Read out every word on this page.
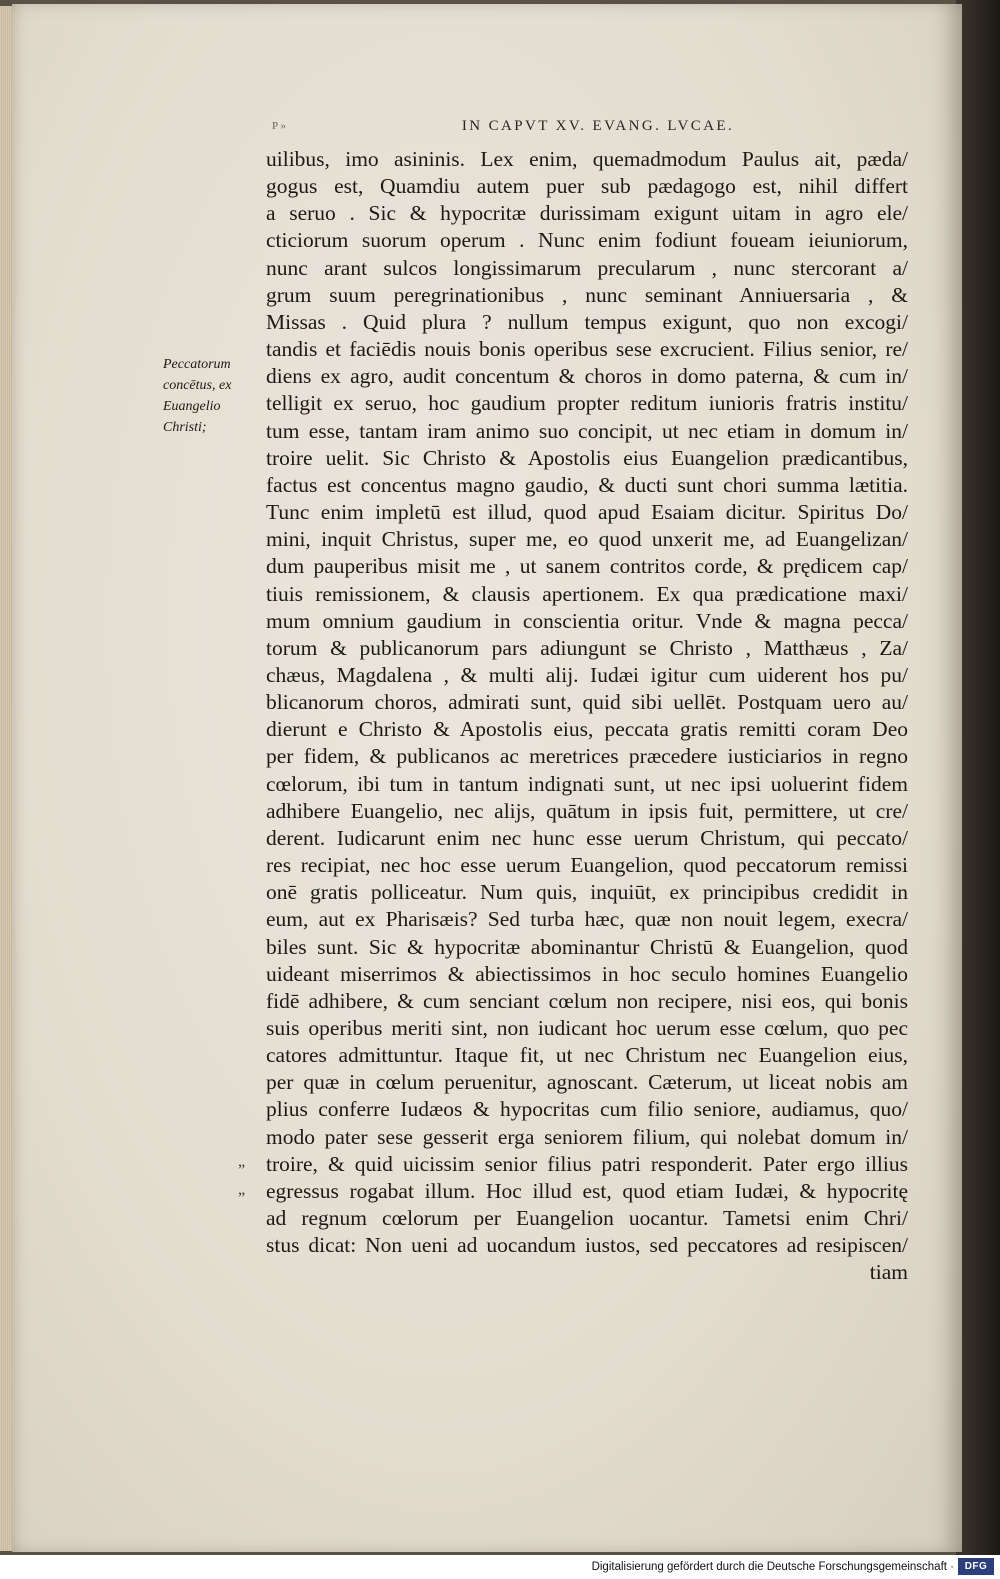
P »	IN CAPVT XV. EVANG. LVCAE.
Peccatorum
concētus, ex
Euangelio
Christi;
„
„
uilibus, imo asininis. Lex enim, quemadmodum Paulus ait, pæda/
gogus est, Quamdiu autem puer sub pædagogo est, nihil differt
a seruo . Sic & hypocritæ durissimam exigunt uitam in agro ele/
cticiorum suorum operum . Nunc enim fodiunt foueam ieiuniorum,
nunc arant sulcos longissimarum precularum , nunc stercorant a/
grum suum peregrinationibus , nunc seminant Anniuersaria , &
Missas . Quid plura ? nullum tempus exigunt, quo non excogi/
tandis et faciēdis nouis bonis operibus sese excrucient. Filius senior, re/
diens ex agro, audit concentum & choros in domo paterna, & cum in/
telligit ex seruo, hoc gaudium propter reditum iunioris fratris institu/
tum esse, tantam iram animo suo concipit, ut nec etiam in domum in/
troire uelit. Sic Christo & Apostolis eius Euangelion prædicantibus,
factus est concentus magno gaudio, & ducti sunt chori summa lætitia.
Tunc enim impletū est illud, quod apud Esaiam dicitur. Spiritus Do/
mini, inquit Christus, super me, eo quod unxerit me, ad Euangelizan/
dum pauperibus misit me , ut sanem contritos corde, & prędicem cap/
tiuis remissionem, & clausis apertionem. Ex qua prædicatione maxi/
mum omnium gaudium in conscientia oritur. Vnde & magna pecca/
torum & publicanorum pars adiungunt se Christo , Matthæus , Za/
chæus, Magdalena , & multi alij. Iudæi igitur cum uiderent hos pu/
blicanorum choros, admirati sunt, quid sibi uellēt. Postquam uero au/
dierunt e Christo & Apostolis eius, peccata gratis remitti coram Deo
per fidem, & publicanos ac meretrices præcedere iusticiarios in regno
cœlorum, ibi tum in tantum indignati sunt, ut nec ipsi uoluerint fidem
adhibere Euangelio, nec alijs, quātum in ipsis fuit, permittere, ut cre/
derent. Iudicarunt enim nec hunc esse uerum Christum, qui peccato/
res recipiat, nec hoc esse uerum Euangelion, quod peccatorum remissi
onē gratis polliceatur. Num quis, inquiūt, ex principibus credidit in
eum, aut ex Pharisæis? Sed turba hæc, quæ non nouit legem, execra/
biles sunt. Sic & hypocritæ abominantur Christū & Euangelion, quod
uideant miserrimos & abiectissimos in hoc seculo homines Euangelio
fidē adhibere, & cum senciant cœlum non recipere, nisi eos, qui bonis
suis operibus meriti sint, non iudicant hoc uerum esse cœlum, quo pec
catores admittuntur. Itaque fit, ut nec Christum nec Euangelion eius,
per quæ in cœlum peruenitur, agnoscant. Cæterum, ut liceat nobis am
plius conferre Iudæos & hypocritas cum filio seniore, audiamus, quo/
modo pater sese gesserit erga seniorem filium, qui nolebat domum in/
troire, & quid uicissim senior filius patri responderit. Pater ergo illius
egressus rogabat illum. Hoc illud est, quod etiam Iudæi, & hypocritę
ad regnum cœlorum per Euangelion uocantur. Tametsi enim Chri/
stus dicat: Non ueni ad uocandum iustos, sed peccatores ad resipiscen/
tiam
Digitalisierung gefördert durch die Deutsche Forschungsgemeinschaft ·	DFG
